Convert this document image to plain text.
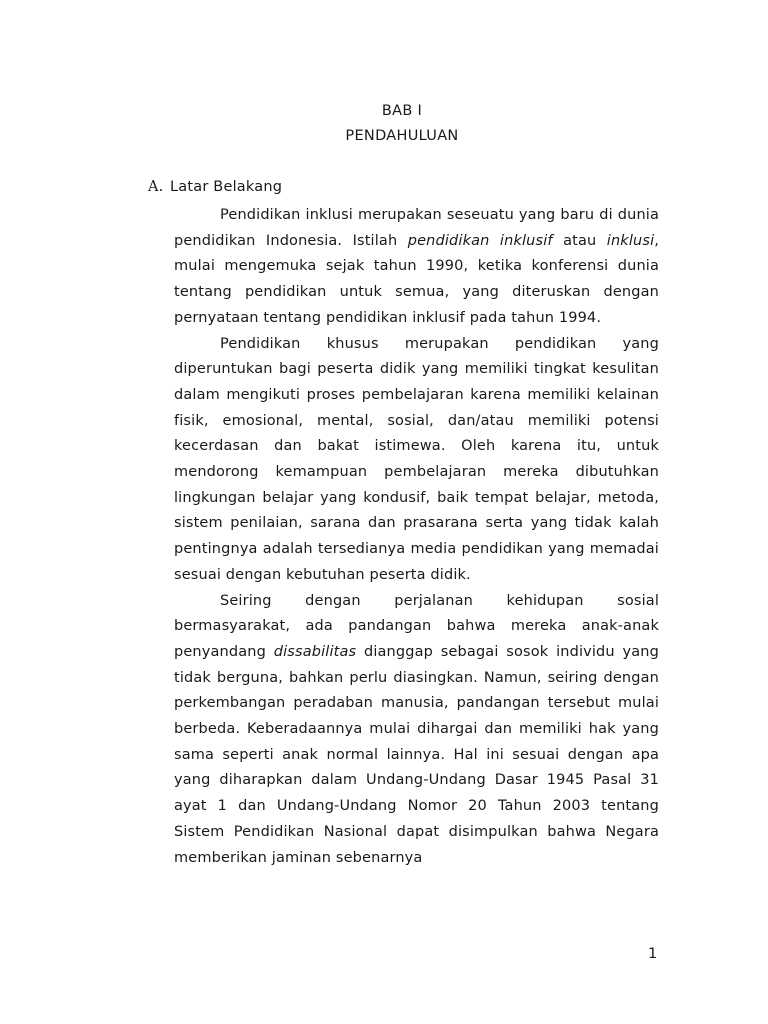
BAB I
PENDAHULUAN
A. Latar Belakang

Pendidikan inklusi merupakan seseuatu yang baru di dunia pendidikan Indonesia. Istilah pendidikan inklusif atau inklusi, mulai mengemuka sejak tahun 1990, ketika konferensi dunia tentang pendidikan untuk semua, yang diteruskan dengan pernyataan tentang pendidikan inklusif pada tahun 1994.

Pendidikan khusus merupakan pendidikan yang diperuntukan bagi peserta didik yang memiliki tingkat kesulitan dalam mengikuti proses pembelajaran karena memiliki kelainan fisik, emosional, mental, sosial, dan/atau memiliki potensi kecerdasan dan bakat istimewa. Oleh karena itu, untuk mendorong kemampuan pembelajaran mereka dibutuhkan lingkungan belajar yang kondusif, baik tempat belajar, metoda, sistem penilaian, sarana dan prasarana serta yang tidak kalah pentingnya adalah tersedianya media pendidikan yang memadai sesuai dengan kebutuhan peserta didik.

Seiring dengan perjalanan kehidupan sosial bermasyarakat, ada pandangan bahwa mereka anak-anak penyandang dissabilitas dianggap sebagai sosok individu yang tidak berguna, bahkan perlu diasingkan. Namun, seiring dengan perkembangan peradaban manusia, pandangan tersebut mulai berbeda. Keberadaannya mulai dihargai dan memiliki hak yang sama seperti anak normal lainnya. Hal ini sesuai dengan apa yang diharapkan dalam Undang-Undang Dasar 1945 Pasal 31 ayat 1 dan Undang-Undang Nomor 20 Tahun 2003 tentang Sistem Pendidikan Nasional dapat disimpulkan bahwa Negara memberikan jaminan sebenarnya

1
